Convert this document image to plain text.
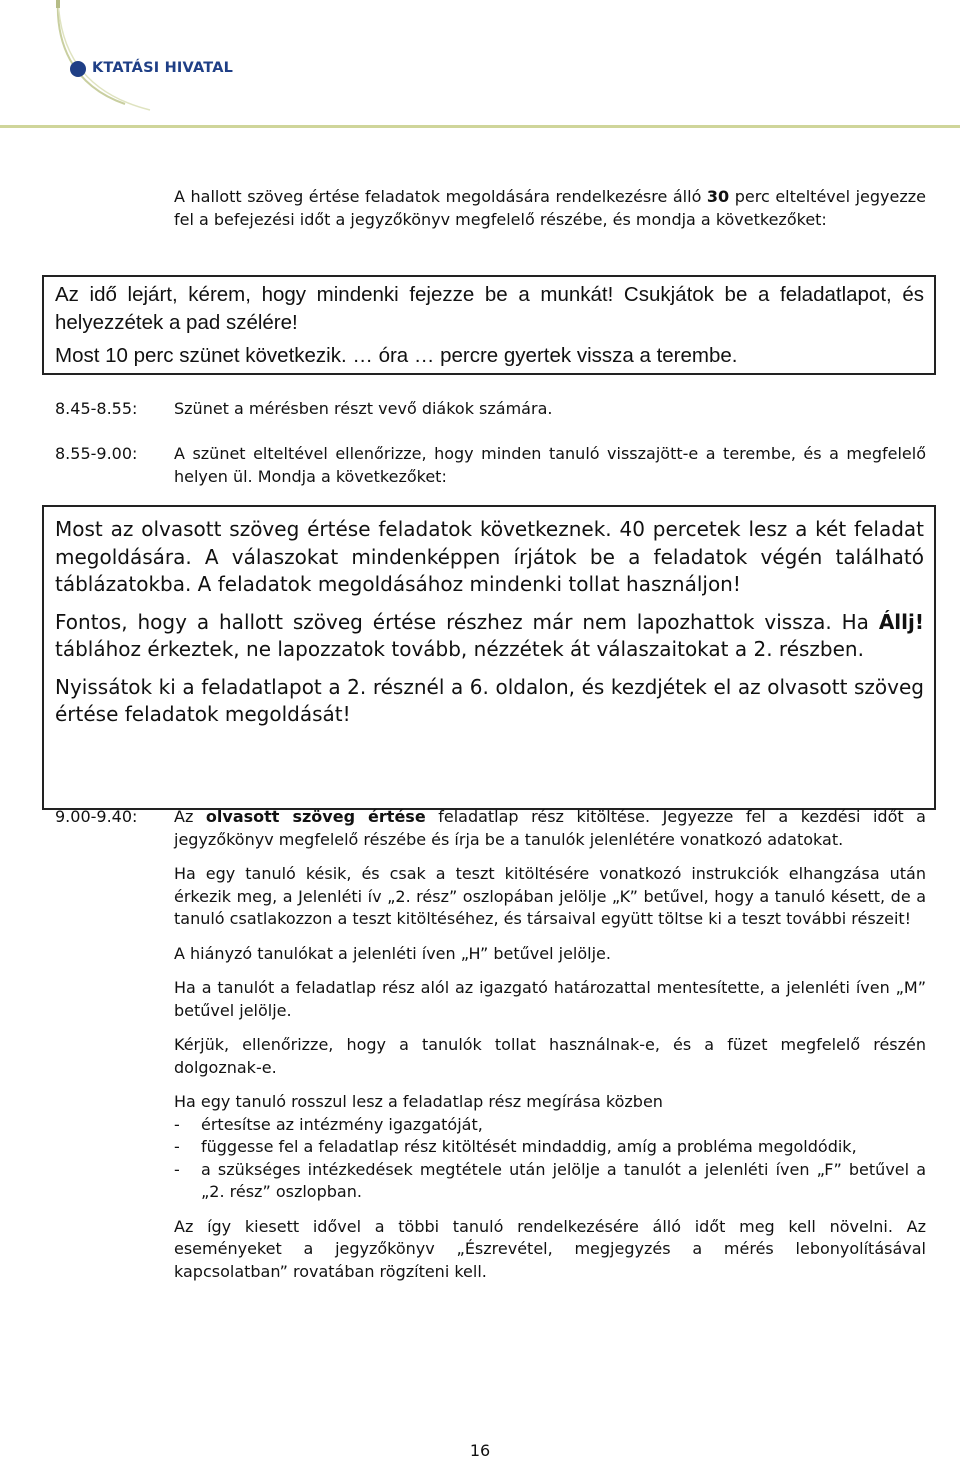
KTATÁSI HIVATAL

A hallott szöveg értése feladatok megoldására rendelkezésre álló 30 perc elteltével jegyezze fel a befejezési időt a jegyzőkönyv megfelelő részébe, és mondja a következőket:

Az idő lejárt, kérem, hogy mindenki fejezze be a munkát! Csukjátok be a feladatlapot, és helyezzétek a pad szélére!

Most 10 perc szünet következik. … óra … percre gyertek vissza a terembe.

8.45-8.55: Szünet a mérésben részt vevő diákok számára.

8.55-9.00: A szünet elteltével ellenőrizze, hogy minden tanuló visszajött-e a terembe, és a megfelelő helyen ül. Mondja a következőket:

Most az olvasott szöveg értése feladatok következnek. 40 percetek lesz a két feladat megoldására. A válaszokat mindenképpen írjátok be a feladatok végén található táblázatokba. A feladatok megoldásához mindenki tollat használjon!

Fontos, hogy a hallott szöveg értése részhez már nem lapozhattok vissza. Ha Állj! táblához érkeztek, ne lapozzatok tovább, nézzétek át válaszaitokat a 2. részben.

Nyissátok ki a feladatlapot a 2. résznél a 6. oldalon, és kezdjétek el az olvasott szöveg értése feladatok megoldását!

9.00-9.40: Az olvasott szöveg értése feladatlap rész kitöltése. Jegyezze fel a kezdési időt a jegyzőkönyv megfelelő részébe és írja be a tanulók jelenlétére vonatkozó adatokat.

Ha egy tanuló késik, és csak a teszt kitöltésére vonatkozó instrukciók elhangzása után érkezik meg, a Jelenléti ív „2. rész” oszlopában jelölje „K” betűvel, hogy a tanuló késett, de a tanuló csatlakozzon a teszt kitöltéséhez, és társaival együtt töltse ki a teszt további részeit!

A hiányzó tanulókat a jelenléti íven „H” betűvel jelölje.

Ha a tanulót a feladatlap rész alól az igazgató határozattal mentesítette, a jelenléti íven „M” betűvel jelölje.

Kérjük, ellenőrizze, hogy a tanulók tollat használnak-e, és a füzet megfelelő részén dolgoznak-e.

Ha egy tanuló rosszul lesz a feladatlap rész megírása közben

- értesítse az intézmény igazgatóját,
- függesse fel a feladatlap rész kitöltését mindaddig, amíg a probléma megoldódik,
- a szükséges intézkedések megtétele után jelölje a tanulót a jelenléti íven „F” betűvel a „2. rész” oszlopban.

Az így kiesett idővel a többi tanuló rendelkezésére álló időt meg kell növelni. Az eseményeket a jegyzőkönyv „Észrevétel, megjegyzés a mérés lebonyolításával kapcsolatban” rovatában rögzíteni kell.

16
